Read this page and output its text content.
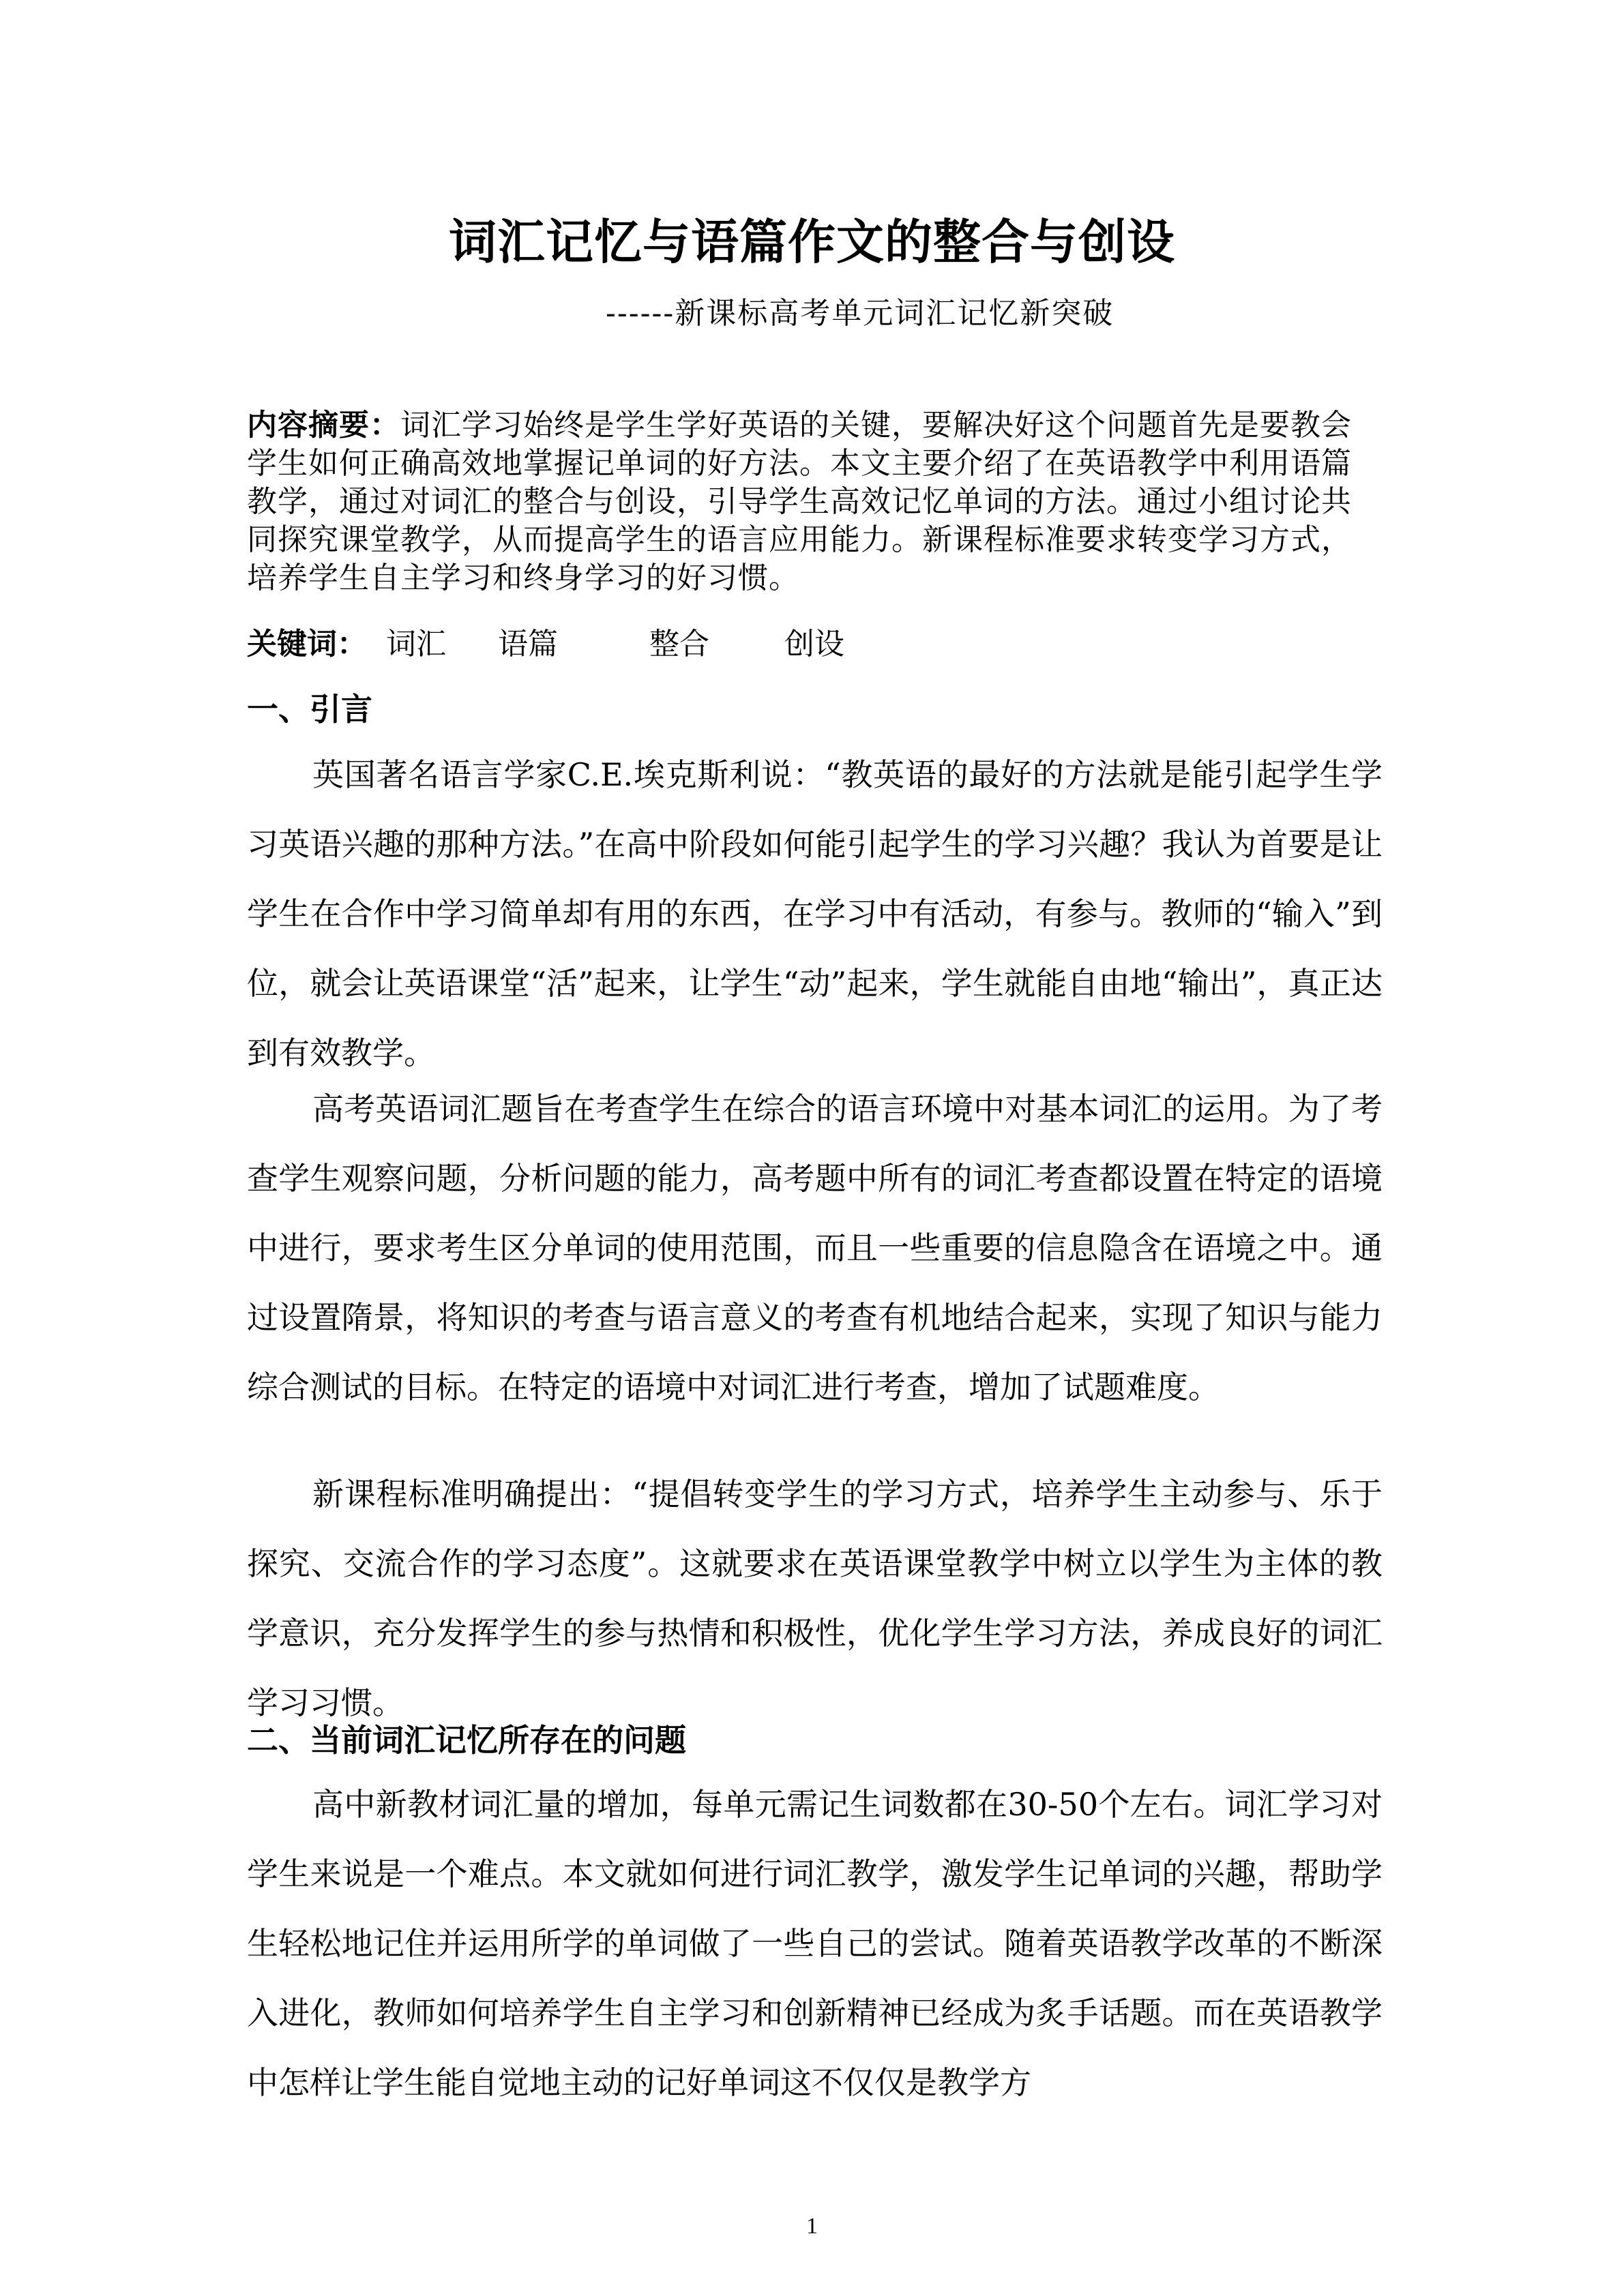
词汇记忆与语篇作文的整合与创设
------新课标高考单元词汇记忆新突破

内容摘要：词汇学习始终是学生学好英语的关键，要解决好这个问题首先是要教会学生如何正确高效地掌握记单词的好方法。本文主要介绍了在英语教学中利用语篇教学，通过对词汇的整合与创设，引导学生高效记忆单词的方法。通过小组讨论共同探究课堂教学，从而提高学生的语言应用能力。新课程标准要求转变学习方式，培养学生自主学习和终身学习的好习惯。

关键词： 词汇 语篇	整合	创设
一、引言

英国著名语言学家C.E.埃克斯利说：“教英语的最好的方法就是能引起学生学习英语兴趣的那种方法。”在高中阶段如何能引起学生的学习兴趣？我认为首要是让学生在合作中学习简单却有用的东西，在学习中有活动，有参与。教师的“输入”到位，就会让英语课堂“活”起来，让学生“动”起来，学生就能自由地“输出”，真正达到有效教学。

高考英语词汇题旨在考查学生在综合的语言环境中对基本词汇的运用。为了考查学生观察问题，分析问题的能力，高考题中所有的词汇考查都设置在特定的语境中进行，要求考生区分单词的使用范围，而且一些重要的信息隐含在语境之中。通过设置隋景，将知识的考查与语言意义的考查有机地结合起来，实现了知识与能力综合测试的目标。在特定的语境中对词汇进行考查，增加了试题难度。

新课程标准明确提出：“提倡转变学生的学习方式，培养学生主动参与、乐于探究、交流合作的学习态度”。这就要求在英语课堂教学中树立以学生为主体的教学意识，充分发挥学生的参与热情和积极性，优化学生学习方法，养成良好的词汇学习习惯。

二、当前词汇记忆所存在的问题

高中新教材词汇量的增加，每单元需记生词数都在30-50个左右。词汇学习对学生来说是一个难点。本文就如何进行词汇教学，激发学生记单词的兴趣，帮助学生轻松地记住并运用所学的单词做了一些自己的尝试。随着英语教学改革的不断深入进化，教师如何培养学生自主学习和创新精神已经成为炙手话题。而在英语教学中怎样让学生能自觉地主动的记好单词这不仅仅是教学方

1
